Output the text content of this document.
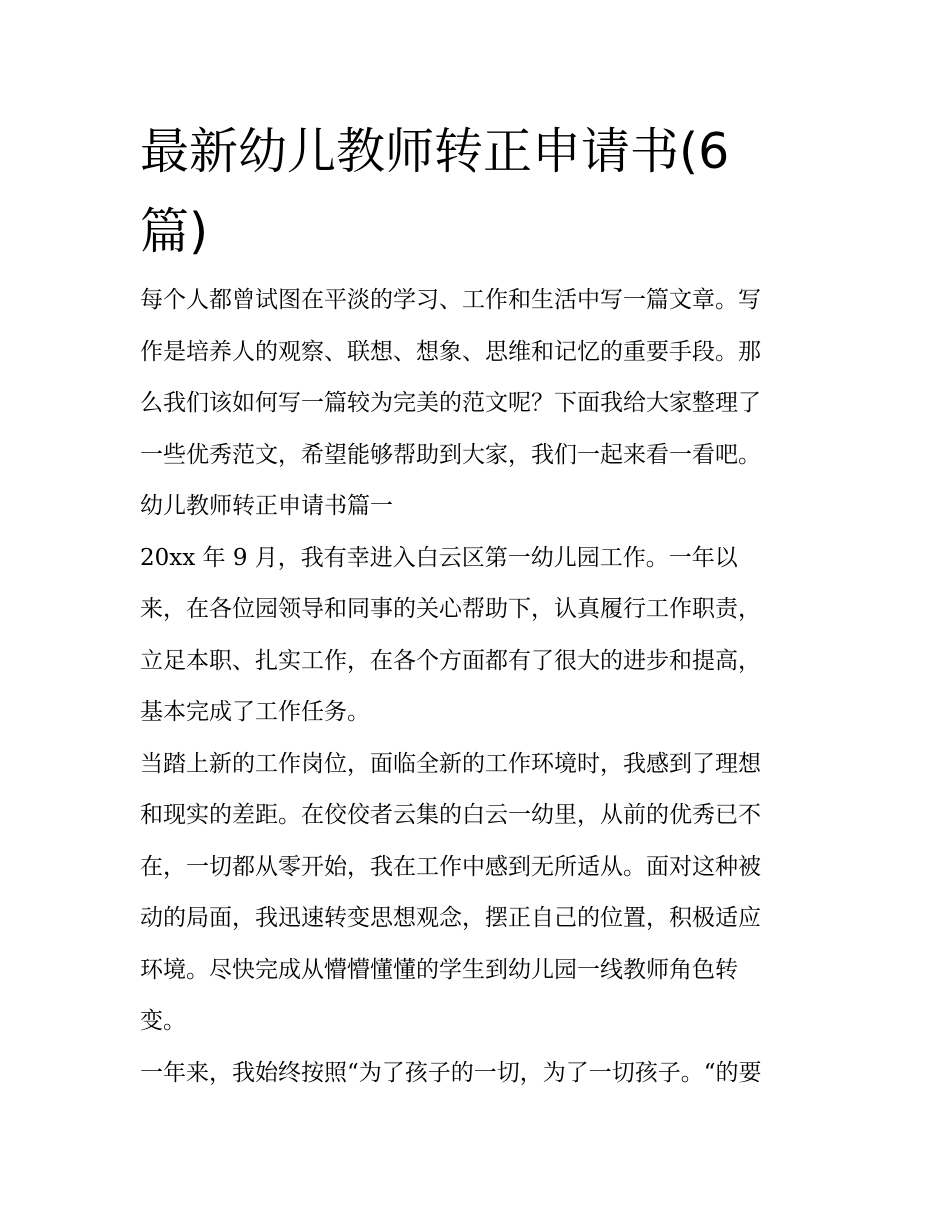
最新幼儿教师转正申请书(6
篇)

每个人都曾试图在平淡的学习、工作和生活中写一篇文章。写

作是培养人的观察、联想、想象、思维和记忆的重要手段。那

么我们该如何写一篇较为完美的范文呢？下面我给大家整理了

一些优秀范文，希望能够帮助到大家，我们一起来看一看吧。

幼儿教师转正申请书篇一

20xx 年 9 月，我有幸进入白云区第一幼儿园工作。一年以

来，在各位园领导和同事的关心帮助下，认真履行工作职责，

立足本职、扎实工作，在各个方面都有了很大的进步和提高，

基本完成了工作任务。

当踏上新的工作岗位，面临全新的工作环境时，我感到了理想

和现实的差距。在佼佼者云集的白云一幼里，从前的优秀已不

在，一切都从零开始，我在工作中感到无所适从。面对这种被

动的局面，我迅速转变思想观念，摆正自己的位置，积极适应

环境。尽快完成从懵懵懂懂的学生到幼儿园一线教师角色转

变。

一年来，我始终按照“为了孩子的一切，为了一切孩子。“的要
